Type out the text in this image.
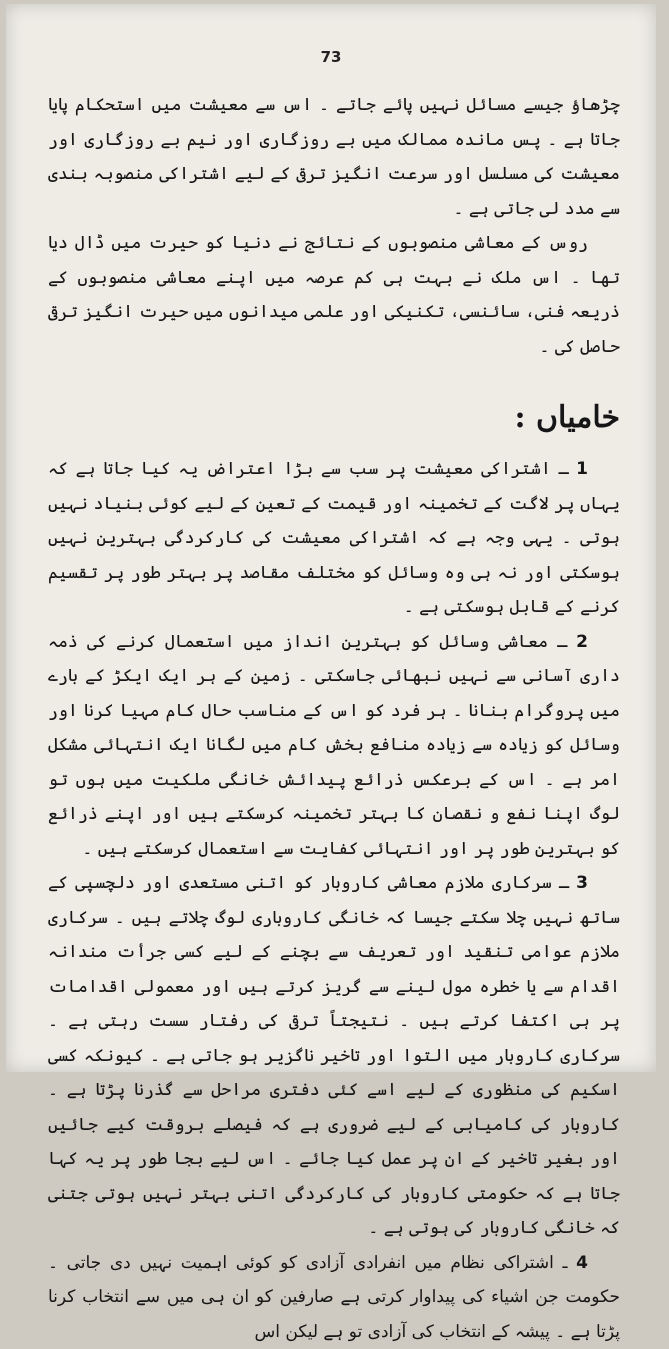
73

چڑھاؤ جیسے مسائل نہیں پائے جاتے ۔ اس سے معیشت میں استحکام پایا جاتا ہے ۔ پس ماندہ ممالک میں بے روزگاری اور نیم بے روزگاری اور معیشت کی مسلسل اور سرعت انگیز ترقی کے لیے اشتراکی منصوبہ بندی سے مدد لی جاتی ہے ۔

روس کے معاشی منصوبوں کے نتائج نے دنیا کو حیرت میں ڈال دیا تھا ۔ اس ملک نے بہت ہی کم عرصہ میں اپنے معاشی منصوبوں کے ذریعہ فنی، سائنسی، تکنیکی اور علمی میدانوں میں حیرت انگیز ترقی حاصل کی ۔

خامیاں :

1 ـ اشتراکی معیشت پر سب سے بڑا اعتراض یہ کیا جاتا ہے کہ یہاں پر لاگت کے تخمینہ اور قیمت کے تعین کے لیے کوئی بنیاد نہیں ہوتی ۔ یہی وجہ ہے کہ اشتراکی معیشت کی کارکردگی بہترین نہیں ہوسکتی اور نہ ہی وہ وسائل کو مختلف مقاصد پر بہتر طور پر تقسیم کرنے کے قابل ہوسکتی ہے ۔

2 ـ معاشی وسائل کو بہترین انداز میں استعمال کرنے کی ذمہ داری آسانی سے نہیں نبھائی جاسکتی ۔ زمین کے ہر ایک ایکڑ کے بارے میں پروگرام بنانا ۔ ہر فرد کو اس کے مناسب حال کام مہیا کرنا اور وسائل کو زیادہ سے زیادہ منافع بخش کام میں لگانا ایک انتہائی مشکل امر ہے ۔ اس کے برعکس ذرائع پیدائش خانگی ملکیت میں ہوں تو لوگ اپنا نفع و نقصان کا بہتر تخمینہ کرسکتے ہیں اور اپنے ذرائع کو بہترین طور پر اور انتہائی کفایت سے استعمال کرسکتے ہیں ۔

3 ـ سرکاری ملازم معاشی کاروبار کو اتنی مستعدی اور دلچسپی کے ساتھ نہیں چلا سکتے جیسا کہ خانگی کاروباری لوگ چلاتے ہیں ۔ سرکاری ملازم عوامی تنقید اور تعریف سے بچنے کے لیے کسی جرأت مندانہ اقدام سے یا خطرہ مول لینے سے گریز کرتے ہیں اور معمولی اقدامات پر ہی اکتفا کرتے ہیں ۔ نتیجتاً ترقی کی رفتار سست رہتی ہے ۔ سرکاری کاروبار میں التوا اور تاخیر ناگزیر ہو جاتی ہے ۔ کیونکہ کسی اسکیم کی منظوری کے لیے اسے کئی دفتری مراحل سے گذرنا پڑتا ہے ۔ کاروبار کی کامیابی کے لیے ضروری ہے کہ فیصلے بروقت کیے جائیں اور بغیر تاخیر کے ان پر عمل کیا جائے ۔ اس لیے بجا طور پر یہ کہا جاتا ہے کہ حکومتی کاروبار کی کارکردگی اتنی بہتر نہیں ہوتی جتنی کہ خانگی کاروبار کی ہوتی ہے ۔

4 ـ اشتراکی نظام میں انفرادی آزادی کو کوئی اہمیت نہیں دی جاتی ۔ حکومت جن اشیاء کی پیداوار کرتی ہے صارفین کو ان ہی میں سے انتخاب کرنا پڑتا ہے ۔ پیشہ کے انتخاب کی آزادی تو ہے لیکن اس
